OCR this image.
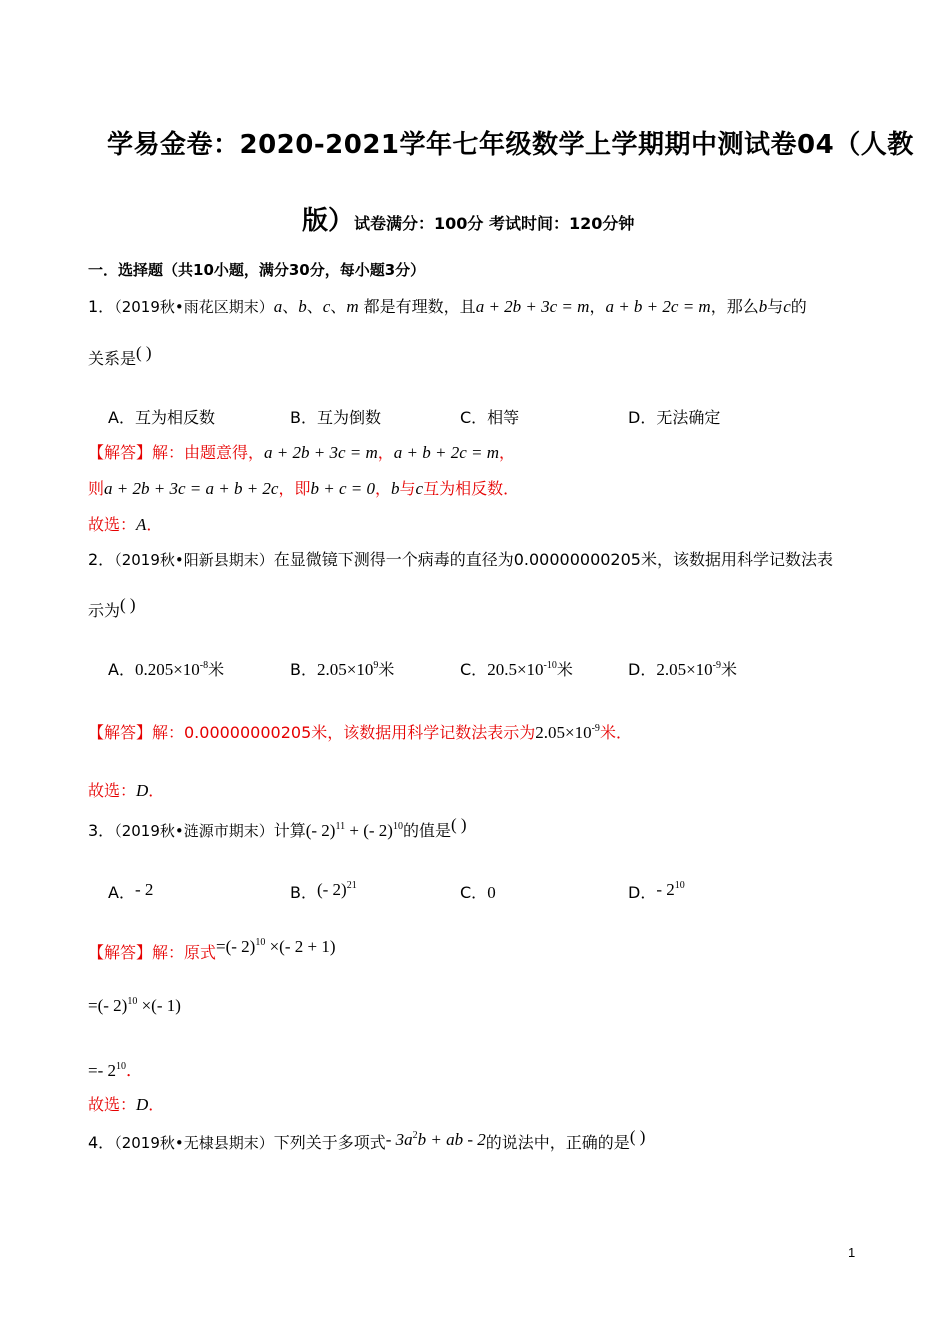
学易金卷：2020-2021学年七年级数学上学期期中测试卷04（人教
版）试卷满分：100分 考试时间：120分钟
一．选择题（共10小题，满分30分，每小题3分）
1．（2019秋•雨花区期末）a、b、c、m 都是有理数，且a + 2b + 3c = m，a + b + 2c = m，那么b与c的
关系是( )
A．互为相反数	B．互为倒数	C．相等	D．无法确定
【解答】解：由题意得，a + 2b + 3c = m，a + b + 2c = m，
则a + 2b + 3c = a + b + 2c，即b + c = 0，b与c互为相反数．
故选：A．
2．（2019秋•阳新县期末）在显微镜下测得一个病毒的直径为0.00000000205米，该数据用科学记数法表
示为( )
A．$0.205\times 10^{-8}$米	B．$2.05\times 10^9$米	C．$20.5\times 10^{-10}$米	D．$2.05\times 10^{-9}$米
【解答】解：0.00000000205米，该数据用科学记数法表示为$2.05\times 10^{-9}$米．
故选：D．
3．（2019秋•涟源市期末）计算(- 2)$^{11}$ + (- 2)$^{10}$的值是( )
A．- 2	B．(- 2)$^{21}$	C．0	D．- $2^{10}$
【解答】解：原式=(- 2)$^{10}$ ×(- 2 + 1)
=(- 2)$^{10}$ ×(- 1)
=- $2^{10}$．
故选：D．
4．（2019秋•无棣县期末）下列关于多项式- $3a^2b$ + ab - 2的说法中，正确的是( )
1
